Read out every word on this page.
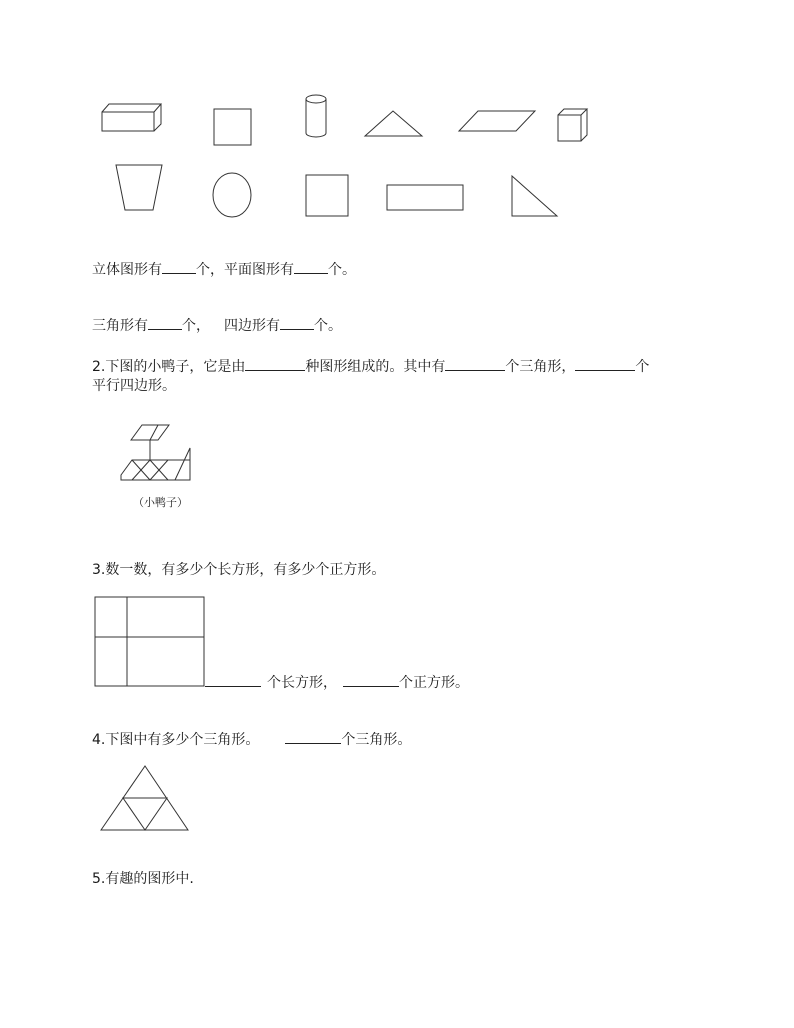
立体图形有 个，平面图形有 个。
三角形有 个， 四边形有 个。
2.下图的小鸭子，它是由	种图形组成的。其中有	个三角形，	个
平行四边形。
（小鸭子）
3.数一数，有多少个长方形，有多少个正方形。
个长方形，	个正方形。
4.下图中有多少个三角形。	个三角形。
5.有趣的图形中.
